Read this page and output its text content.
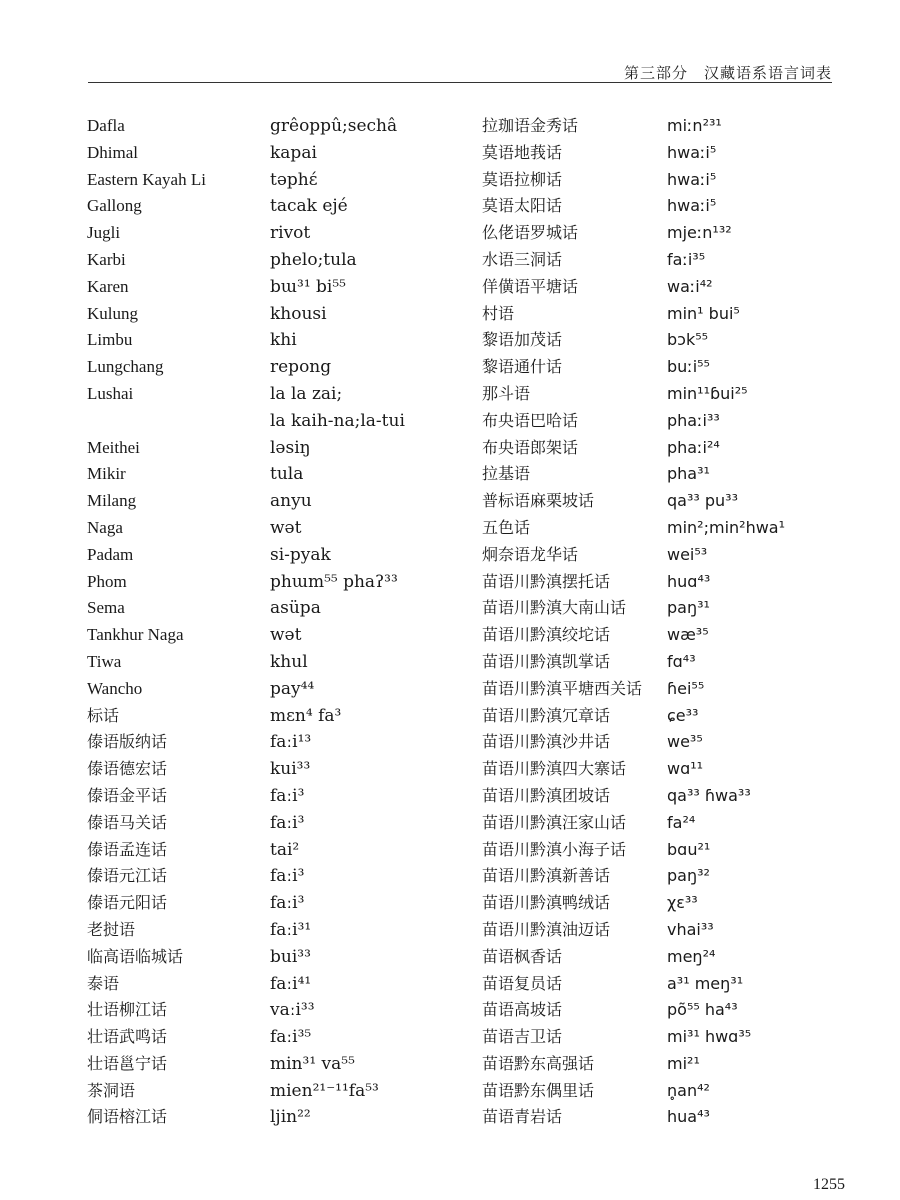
第三部分　汉藏语系语言词表
Dafla
Dhimal
Eastern Kayah Li
Gallong
Jugli
Karbi
Karen
Kulung
Limbu
Lungchang
Lushai
Meithei
Mikir
Milang
Naga
Padam
Phom
Sema
Tankhur Naga
Tiwa
Wancho
标话
傣语版纳话
傣语德宏话
傣语金平话
傣语马关话
傣语孟连话
傣语元江话
傣语元阳话
老挝语
临高语临城话
泰语
壮语柳江话
壮语武鸣话
壮语邕宁话
茶洞语
侗语榕江话
grêoppû;sechâ
kapai
təphɛ́
tacak ejé
rivot
phelo;tula
bɯ³¹ bi⁵⁵
khousi
khi
repong
la la zai;
la kaih-na;la-tui
ləsiŋ
tula
anyu
wət
si-pyak
phɯm⁵⁵ phaʔ³³
asüpa
wət
khul
pay⁴⁴
mɛn⁴ fa³
faːi¹³
kui³³
faːi³
faːi³
tai²
faːi³
faːi³
faːi³¹
bui³³
faːi⁴¹
vaːi³³
faːi³⁵
min³¹ va⁵⁵
mien²¹⁻¹¹fa⁵³
ljin²²
拉珈语金秀话
莫语地莪话
莫语拉柳话
莫语太阳话
仫佬语罗城话
水语三洞话
佯僙语平塘话
村语
黎语加茂话
黎语通什话
那斗语
布央语巴哈话
布央语郎架话
拉基语
普标语麻栗坡话
五色话
炯奈语龙华话
苗语川黔滇摆托话
苗语川黔滇大南山话
苗语川黔滇绞坨话
苗语川黔滇凯掌话
苗语川黔滇平塘西关话
苗语川黔滇冗章话
苗语川黔滇沙井话
苗语川黔滇四大寨话
苗语川黔滇团坡话
苗语川黔滇汪家山话
苗语川黔滇小海子话
苗语川黔滇新善话
苗语川黔滇鸭绒话
苗语川黔滇油迈话
苗语枫香话
苗语复员话
苗语高坡话
苗语吉卫话
苗语黔东高强话
苗语黔东偶里话
苗语青岩话
miːn²³¹
hwaːi⁵
hwaːi⁵
hwaːi⁵
mjeːn¹³²
faːi³⁵
waːi⁴²
min¹ bui⁵
bɔk⁵⁵
buːi⁵⁵
min¹¹ɓui²⁵
phaːi³³
phaːi²⁴
pha³¹
qa³³ pu³³
min²;min²hwa¹
wei⁵³
huɑ⁴³
paŋ³¹
wæ³⁵
fɑ⁴³
ɦei⁵⁵
ɕe³³
we³⁵
wɑ¹¹
qa³³ ɦwa³³
fa²⁴
bɑu²¹
paŋ³²
χɛ³³
vhai³³
meŋ²⁴
a³¹ meŋ³¹
põ⁵⁵ ha⁴³
mi³¹ hwɑ³⁵
mi²¹
n̥an⁴²
hua⁴³
1255
